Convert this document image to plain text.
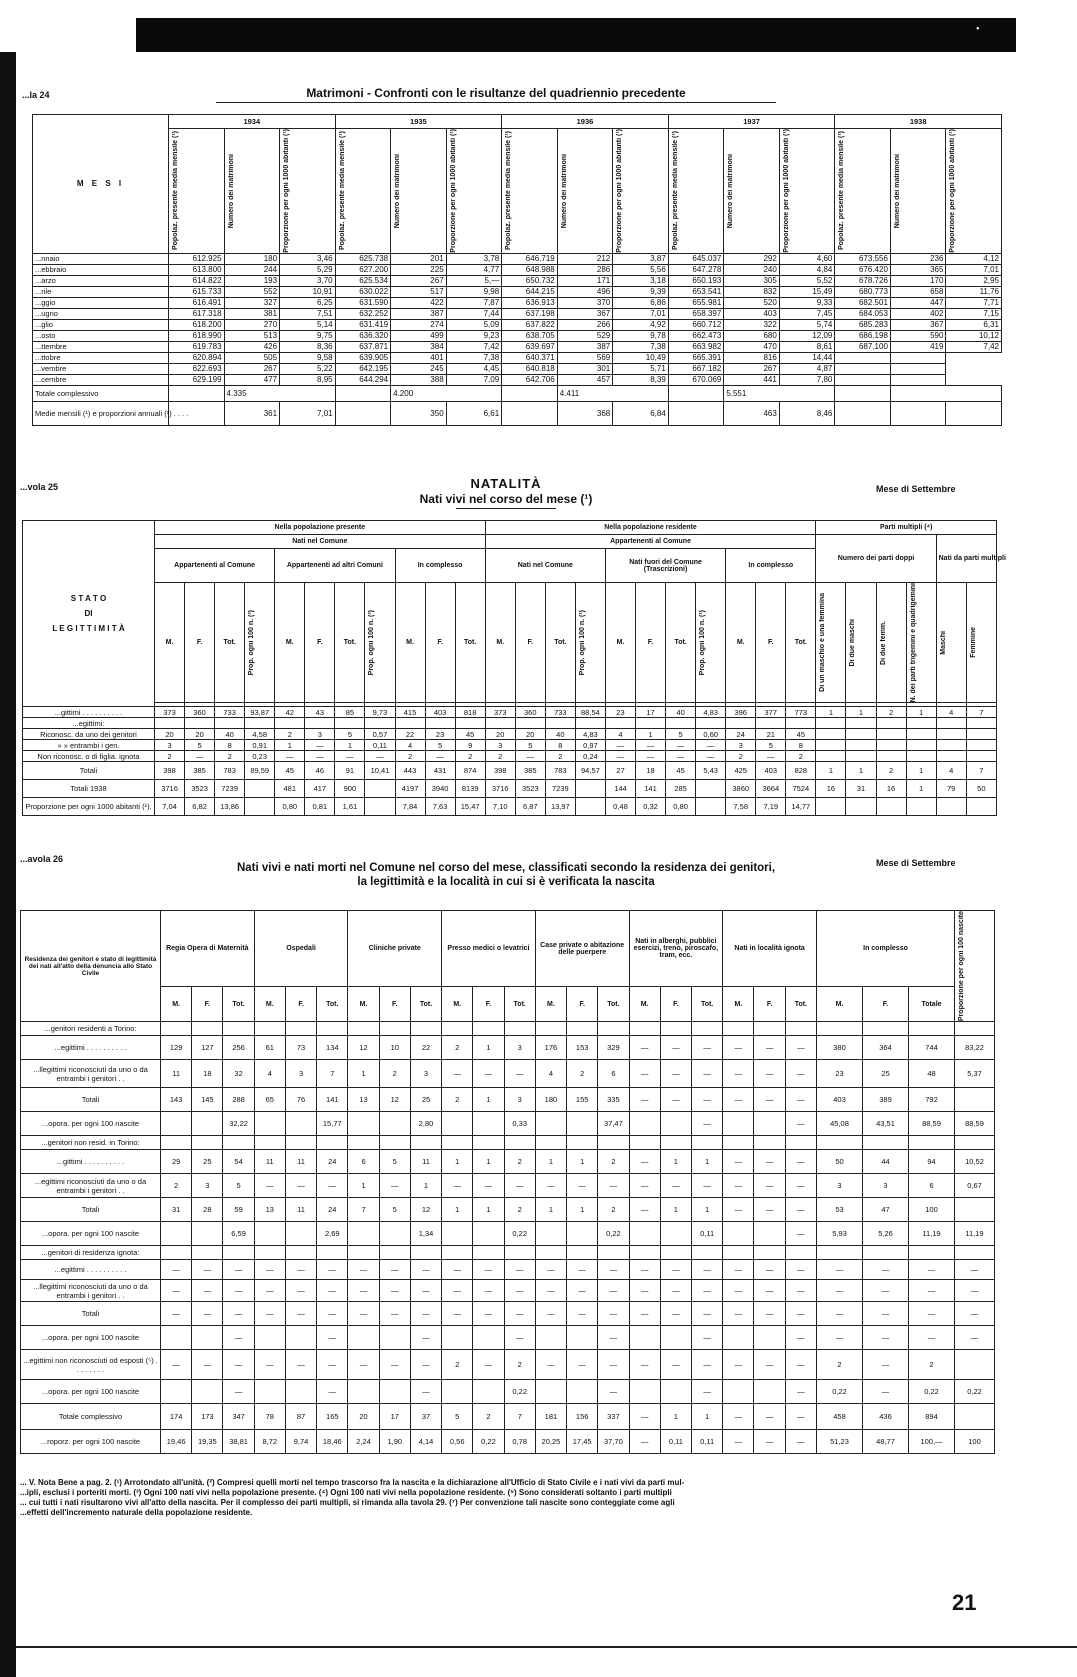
•
...la 24	Matrimoni - Confronti con le risultanze del quadriennio precedente
M E S I	1934			1935			1936			1937			1938		

	Popolaz. presente media mensile (¹)	Numero dei matrimoni	Proporzione per ogni 1000 abitanti (¹)	Popolaz. presente media mensile (¹)	Numero dei matrimoni	Proporzione per ogni 1000 abitanti (¹)	Popolaz. presente media mensile (¹)	Numero dei matrimoni	Proporzione per ogni 1000 abitanti (¹)	Popolaz. presente media mensile (¹)	Numero dei matrimoni	Proporzione per ogni 1000 abitanti (¹)	Popolaz. presente media mensile (¹)	Numero dei matrimoni	Proporzione per ogni 1000 abitanti (¹)

...nnaio	612.925	180	3,46	625.738	201	3,78	646.719	212	3,87	645.037	292	4,60	673.556	236	4,12
...ebbraio	613.800	244	5,29	627.200	225	4,77	648.988	286	5,56	647.278	240	4,84	676.420	365	7,01
...arzo	614.822	193	3,70	625.534	267	5,—	650.732	171	3,18	650.193	305	5,52	678.726	170	2,95
...rile	615.733	552	10,91	630.022	517	9,98	644.215	496	9,39	653.541	832	15,49	680.773	658	11,76
...ggio	616.491	327	6,25	631.590	422	7,87	636.913	370	6,86	655.981	520	9,33	682.501	447	7,71
...ugno	617.318	381	7,51	632.252	387	7,44	637.198	367	7,01	658.397	403	7,45	684.053	402	7,15
...glio	618.200	270	5,14	631.419	274	5,09	637.822	266	4,92	660.712	322	5,74	685.283	367	6,31
...osto	618.990	513	9,75	636.320	499	9,23	638.705	529	9,78	662.473	680	12,09	686.198	590	10,12
...ttembre	619.783	426	8,36	637.871	384	7,42	639.697	387	7,38	663.982	470	8,61	687.100	419	7,42
...ttobre	620.894	505	9,58	639.905	401	7,38	640.371	569	10,49	665.391	816	14,44			
...vembre	622.693	267	5,22	642.195	245	4,45	640.818	301	5,71	667.182	267	4,87			
...cembre	629.199	477	8,95	644.294	388	7,09	642.706	457	8,39	670.069	441	7,80			
Totale complessivo		4.335			4.200			4.411			5.551				
Medie mensili (¹) e proporzioni annuali (¹) . . . .		361	7,01		350	6,61		368	6,84		463	8,46			
...vola 25	NATALITÀ
Nati vivi nel corso del mese (¹)
Mese di Settembre
S T A T O
DI
L E G I T T I M I T À	Nella popolazione presente											Nella popolazione residente											Parti multipli (⁴)					
	Nati nel Comune											Appartenenti al Comune											Numero dei parti doppi				Nati da parti multipli	
	Appartenenti al Comune				Appartenenti ad altri Comuni				In complesso			Nati nel Comune				Nati fuori del Comune (Trascrizioni)				In complesso								
	M.	F.	Tot.	Prop. ogni 100 n. (²)	M.	F.	Tot.	Prop. ogni 100 n. (²)	M.	F.	Tot.	M.	F.	Tot.	Prop. ogni 100 n. (²)	M.	F.	Tot.	Prop. ogni 100 n. (²)	M.	F.	Tot.	Di un maschio e una femmina	Di due maschi	Di due femm.	N. dei parti trigemini e quadrigemini	Maschi	Femmine

...gittimi . . . . . . . . . .	373	360	733	93,87	42	43	85	9,73	415	403	818	373	360	733	88,54	23	17	40	4,83	396	377	773	1	1	2	1	4	7
...egittimi:																												
Riconosc. da uno dei genitori	20	20	40	4,58	2	3	5	0,57	22	23	45	20	20	40	4,83	4	1	5	0,60	24	21	45						
» » entrambi i gen.	3	5	8	0,91	1	—	1	0,11	4	5	9	3	5	8	0,97	—	—	—	—	3	5	8						
Non riconosc. o di figlia. ignota	2	—	2	0,23	—	—	—	—	2	—	2	2	—	2	0,24	—	—	—	—	2	—	2						
Totali	398	385	783	89,59	45	46	91	10,41	443	431	874	398	385	783	94,57	27	18	45	5,43	425	403	828	1	1	2	1	4	7
Totali 1938	3716	3523	7239		481	417	900		4197	3940	8139	3716	3523	7239		144	141	285		3860	3664	7524	16	31	16	1	79	50
Proporzione per ogni 1000 abitanti (¹).	7,04	6,82	13,86		0,80	0,81	1,61		7,84	7,63	15,47	7,10	6,87	13,97		0,48	0,32	0,80		7,58	7,19	14,77						
...avola 26	Mese di Settembre
Nati vivi e nati morti nel Comune nel corso del mese, classificati secondo la residenza dei genitori,
la legittimità e la località in cui si è verificata la nascita
Residenza dei genitori e stato di legittimità dei nati all'atto della denuncia allo Stato Civile	Regia Opera di Maternità			Ospedali			Cliniche private			Presso medici o levatrici			Case private o abitazione delle puerpere			Nati in alberghi, pubblici esercizi, treno, piroscafo, tram, ecc.			Nati in località ignota			In complesso			Proporzione per ogni 100 nascite

	M.	F.	Tot.	M.	F.	Tot.	M.	F.	Tot.	M.	F.	Tot.	M.	F.	Tot.	M.	F.	Tot.	M.	F.	Tot.	M.	F.	Totale	
...genitori residenti a Torino:																									
...egittimi . . . . . . . . . .	129	127	256	61	73	134	12	10	22	2	1	3	176	153	329	—	—	—	—	—	—	380	364	744	83,22
...llegittimi riconosciuti da uno o da entrambi i genitori . .	11	18	32	4	3	7	1	2	3	—	—	—	4	2	6	—	—	—	—	—	—	23	25	48	5,37
Totali	143	145	288	65	76	141	13	12	25	2	1	3	180	155	335	—	—	—	—	—	—	403	389	792	
...opora. per ogni 100 nascite			32,22			15,77			2,80			0,33			37,47			—			—	45,08	43,51	88,59	88,59
...genitori non resid. in Torino:																									
...gittimi . . . . . . . . . .	29	25	54	11	11	24	6	5	11	1	1	2	1	1	2	—	1	1	—	—	—	50	44	94	10,52
...egittimi riconosciuti da uno o da entrambi i genitori . .	2	3	5	—	—	—	1	—	1	—	—	—	—	—	—	—	—	—	—	—	—	3	3	6	0,67
Totali	31	28	59	13	11	24	7	5	12	1	1	2	1	1	2	—	1	1	—	—	—	53	47	100	
...opora. per ogni 100 nascite			6,59			2,69			1,34			0,22			0,22			0,11			—	5,93	5,26	11,19	11,19
...genitori di residenza ignota:																									
...egittimi . . . . . . . . . .	—	—	—	—	—	—	—	—	—	—	—	—	—	—	—	—	—	—	—	—	—	—	—	—	—
...llegittimi riconosciuti da uno o da entrambi i genitori . .	—	—	—	—	—	—	—	—	—	—	—	—	—	—	—	—	—	—	—	—	—	—	—	—	—
Totali	—	—	—	—	—	—	—	—	—	—	—	—	—	—	—	—	—	—	—	—	—	—	—	—	—
...opora. per ogni 100 nascite			—			—			—			—			—			—			—	—	—	—	—
...egittimi non riconosciuti od esposti (⁵) . . . . . . . .	—	—	—	—	—	—	—	—	—	2	—	2	—	—	—	—	—	—	—	—	—	2	—	2	
...opora. per ogni 100 nascite			—			—			—			0,22			—			—			—	0,22	—	0,22	0,22
Totale complessivo	174	173	347	78	87	165	20	17	37	5	2	7	181	156	337	—	1	1	—	—	—	458	436	894	
...roporz. per ogni 100 nascite	19,46	19,35	38,81	8,72	9,74	18,46	2,24	1,90	4,14	0,56	0,22	0,78	20,25	17,45	37,70	—	0,11	0,11	—	—	—	51,23	48,77	100,—	100
... V. Nota Bene a pag. 2. (¹) Arrotondato all'unità. (²) Compresi quelli morti nel tempo trascorso fra la nascita e la dichiarazione all'Ufficio di Stato Civile e i nati vivi da parti mul-
...ipli, esclusi i porteriti morti. (³) Ogni 100 nati vivi nella popolazione presente. (⁴) Ogni 100 nati vivi nella popolazione residente. (⁵) Sono considerati soltanto i parti multipli
... cui tutti i nati risultarono vivi all'atto della nascita. Per il complesso dei parti multipli, si rimanda alla tavola 29. (⁷) Per convenzione tali nascite sono conteggiate come agli
...effetti dell'incremento naturale della popolazione residente.
21
